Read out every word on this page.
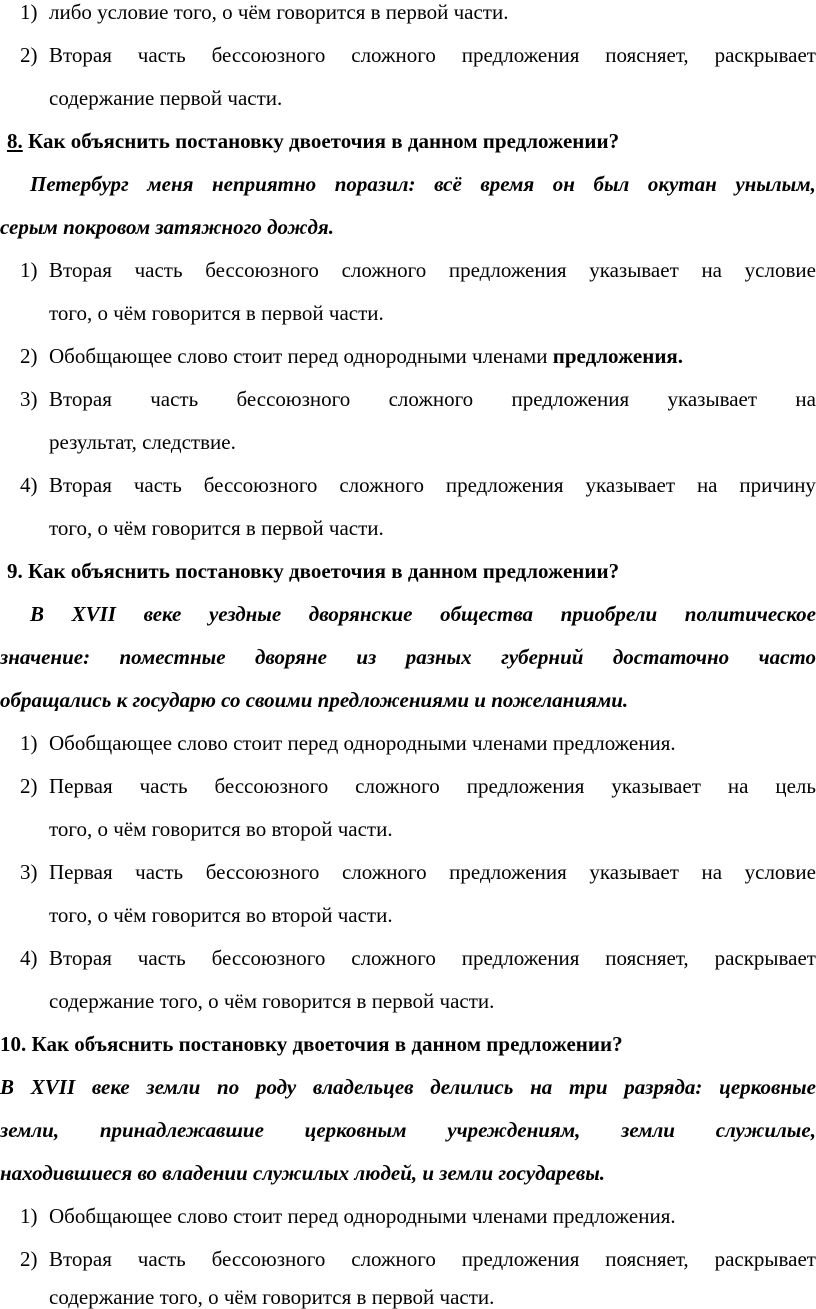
1) либо условие того, о чём говорится в первой части.
2) Вторая часть бессоюзного сложного предложения поясняет, раскрывает
содержание первой части.
8. Как объяснить постановку двоеточия в данном предложении?
Петербург меня неприятно поразил: всё время он был окутан унылым,
серым покровом затяжного дождя.
1) Вторая часть бессоюзного сложного предложения указывает на условие
того, о чём говорится в первой части.
2) Обобщающее слово стоит перед однородными членами предложения.
3) Вторая часть бессоюзного сложного предложения указывает на
результат, следствие.
4) Вторая часть бессоюзного сложного предложения указывает на причину
того, о чём говорится в первой части.
9. Как объяснить постановку двоеточия в данном предложении?
В XVII веке уездные дворянские общества приобрели политическое
значение: поместные дворяне из разных губерний достаточно часто
обращались к государю со своими предложениями и пожеланиями.
1) Обобщающее слово стоит перед однородными членами предложения.
2) Первая часть бессоюзного сложного предложения указывает на цель
того, о чём говорится во второй части.
3) Первая часть бессоюзного сложного предложения указывает на условие
того, о чём говорится во второй части.
4) Вторая часть бессоюзного сложного предложения поясняет, раскрывает
содержание того, о чём говорится в первой части.
10. Как объяснить постановку двоеточия в данном предложении?
В XVII веке земли по роду владельцев делились на три разряда: церковные
земли, принадлежавшие церковным учреждениям, земли служилые,
находившиеся во владении служилых людей, и земли государевы.
1) Обобщающее слово стоит перед однородными членами предложения.
2) Вторая часть бессоюзного сложного предложения поясняет, раскрывает
содержание того, о чём говорится в первой части.
